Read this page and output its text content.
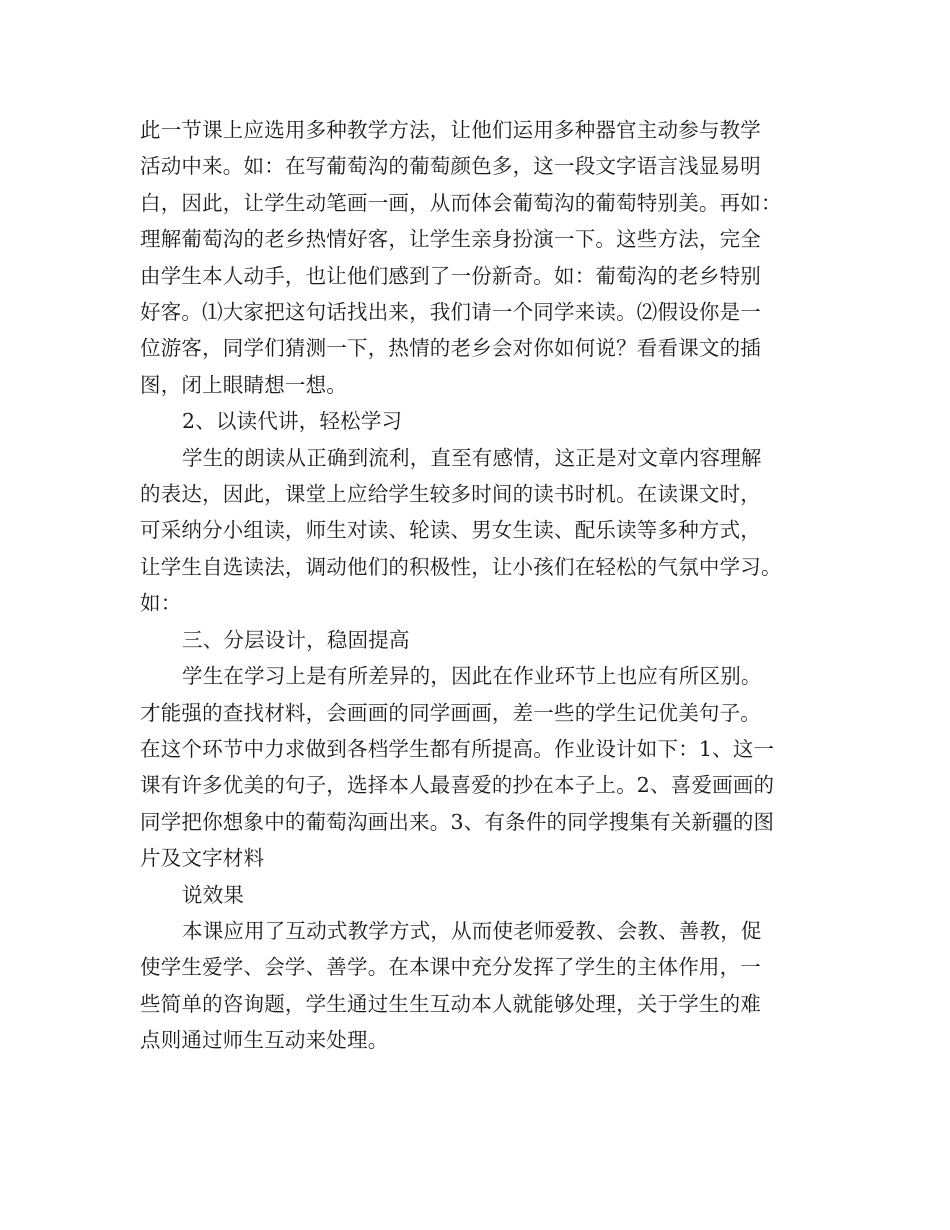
此一节课上应选用多种教学方法，让他们运用多种器官主动参与教学
活动中来。如：在写葡萄沟的葡萄颜色多，这一段文字语言浅显易明
白，因此，让学生动笔画一画，从而体会葡萄沟的葡萄特别美。再如：
理解葡萄沟的老乡热情好客，让学生亲身扮演一下。这些方法，完全
由学生本人动手，也让他们感到了一份新奇。如：葡萄沟的老乡特别
好客。⑴大家把这句话找出来，我们请一个同学来读。⑵假设你是一
位游客，同学们猜测一下，热情的老乡会对你如何说？看看课文的插
图，闭上眼睛想一想。
2、以读代讲，轻松学习
学生的朗读从正确到流利，直至有感情，这正是对文章内容理解
的表达，因此，课堂上应给学生较多时间的读书时机。在读课文时，
可采纳分小组读，师生对读、轮读、男女生读、配乐读等多种方式，
让学生自选读法，调动他们的积极性，让小孩们在轻松的气氛中学习。
如：
三、分层设计，稳固提高
学生在学习上是有所差异的，因此在作业环节上也应有所区别。
才能强的查找材料，会画画的同学画画，差一些的学生记优美句子。
在这个环节中力求做到各档学生都有所提高。作业设计如下：1、这一
课有许多优美的句子，选择本人最喜爱的抄在本子上。2、喜爱画画的
同学把你想象中的葡萄沟画出来。3、有条件的同学搜集有关新疆的图
片及文字材料
说效果
本课应用了互动式教学方式，从而使老师爱教、会教、善教，促
使学生爱学、会学、善学。在本课中充分发挥了学生的主体作用，一
些简单的咨询题，学生通过生生互动本人就能够处理，关于学生的难
点则通过师生互动来处理。
